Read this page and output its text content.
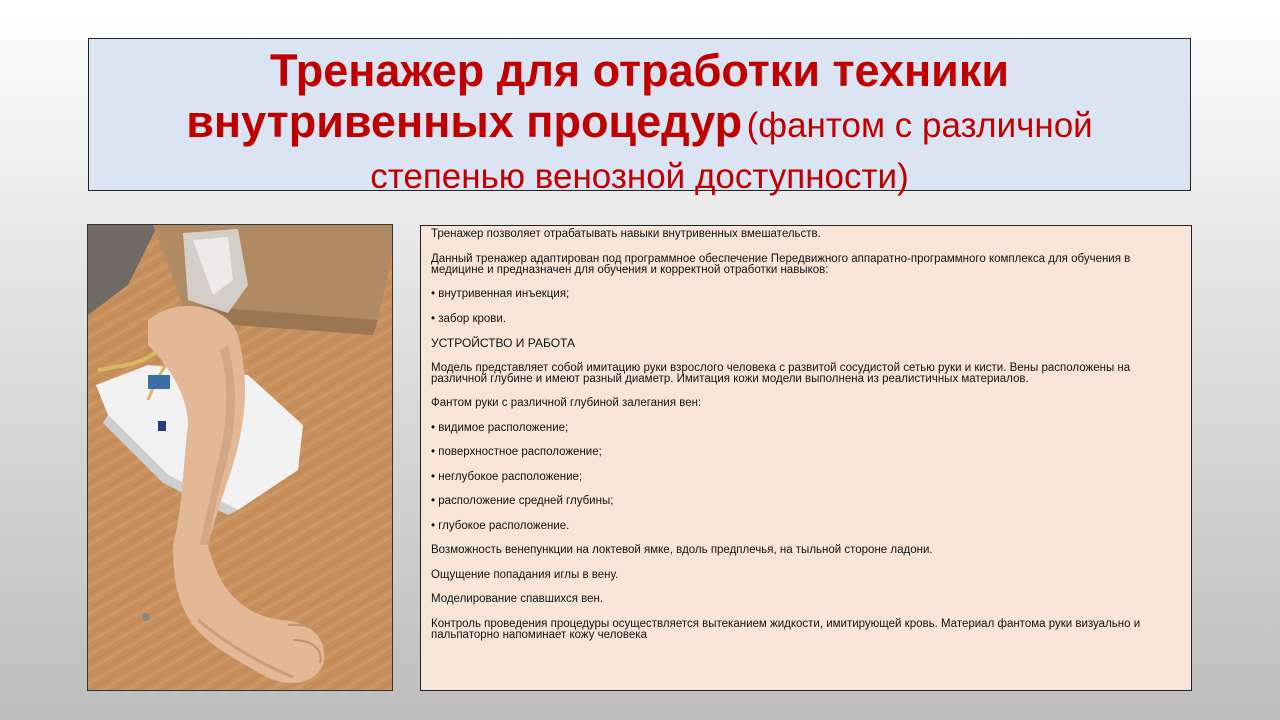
Тренажер для отработки техники
внутривенных процедур (фантом с различной
степенью венозной доступности)

Тренажер позволяет отрабатывать навыки внутривенных вмешательств.

Данный тренажер адаптирован под программное обеспечение Передвижного аппаратно-программного комплекса для обучения в медицине и предназначен для обучения и корректной отработки навыков:

• внутривенная инъекция;

• забор крови.

УСТРОЙСТВО И РАБОТА

Модель представляет собой имитацию руки взрослого человека с развитой сосудистой сетью руки и кисти. Вены расположены на различной глубине и имеют разный диаметр. Имитация кожи модели выполнена из реалистичных материалов.

Фантом руки с различной глубиной залегания вен:

• видимое расположение;

• поверхностное расположение;

• неглубокое расположение;

• расположение средней глубины;

• глубокое расположение.

Возможность венепункции на локтевой ямке, вдоль предплечья, на тыльной стороне ладони.

Ощущение попадания иглы в вену.

Моделирование спавшихся вен.

Контроль проведения процедуры осуществляется вытеканием жидкости, имитирующей кровь. Материал фантома руки визуально и пальпаторно напоминает кожу человека
